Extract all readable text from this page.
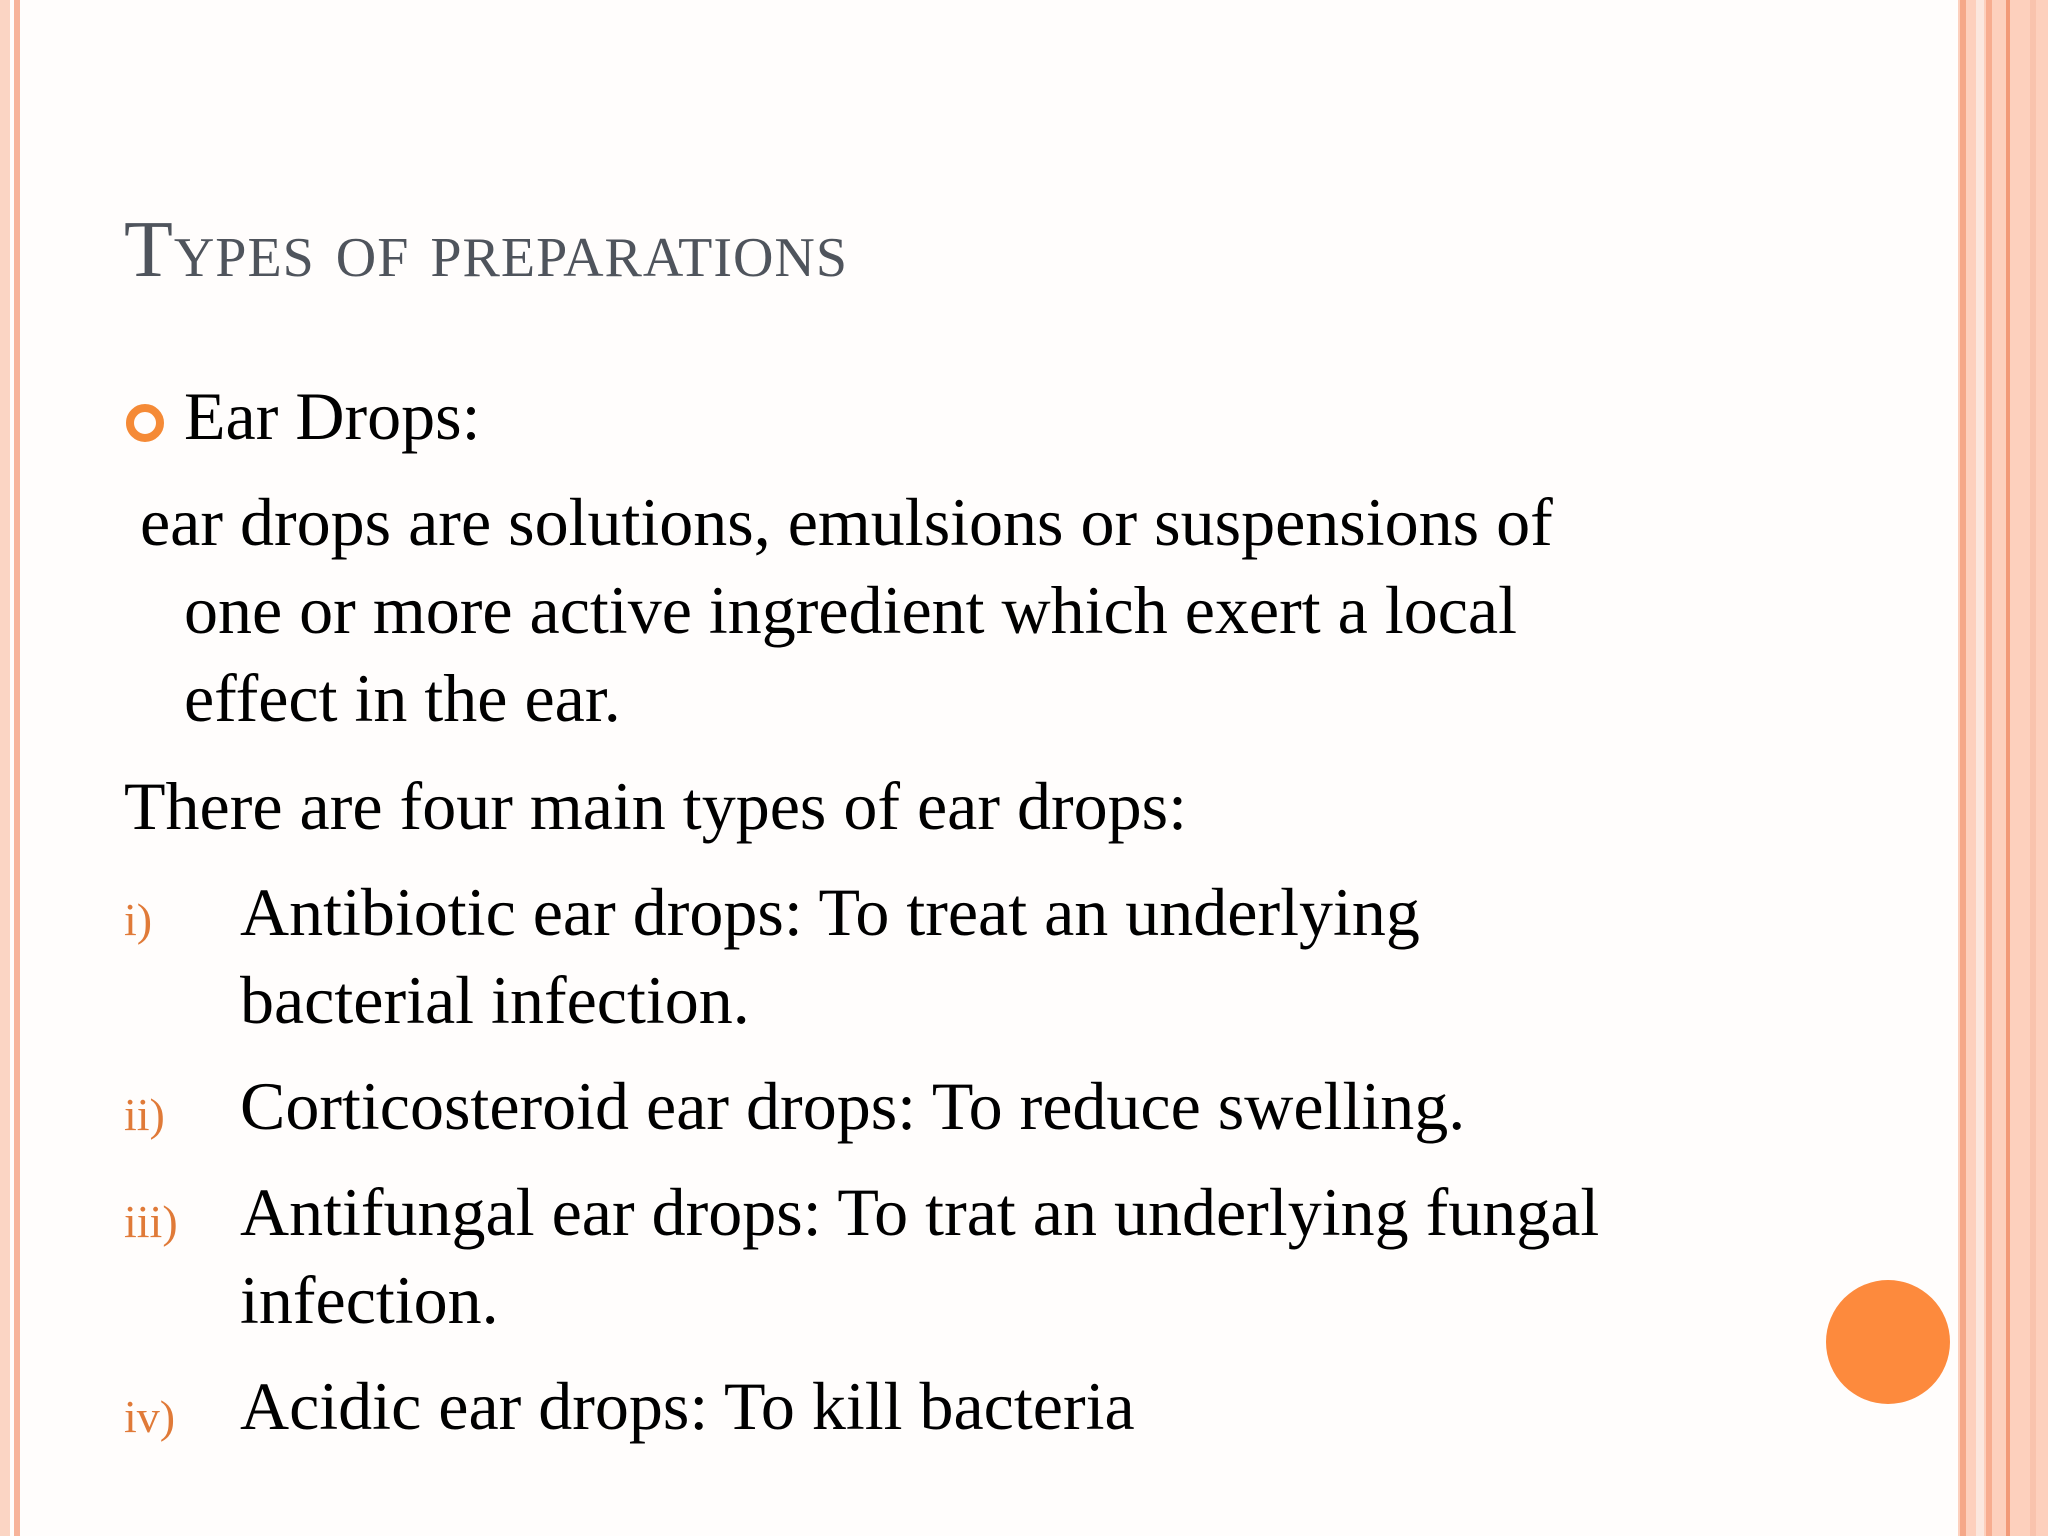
Types of preparations
Ear Drops:
ear drops are solutions, emulsions or suspensions of
one or more active ingredient which exert a local
effect in the ear.
There are four main types of ear drops:
i) Antibiotic ear drops: To treat an underlying
bacterial infection.
ii) Corticosteroid ear drops: To reduce swelling.
iii) Antifungal ear drops: To trat an underlying fungal
infection.
iv) Acidic ear drops: To kill bacteria
